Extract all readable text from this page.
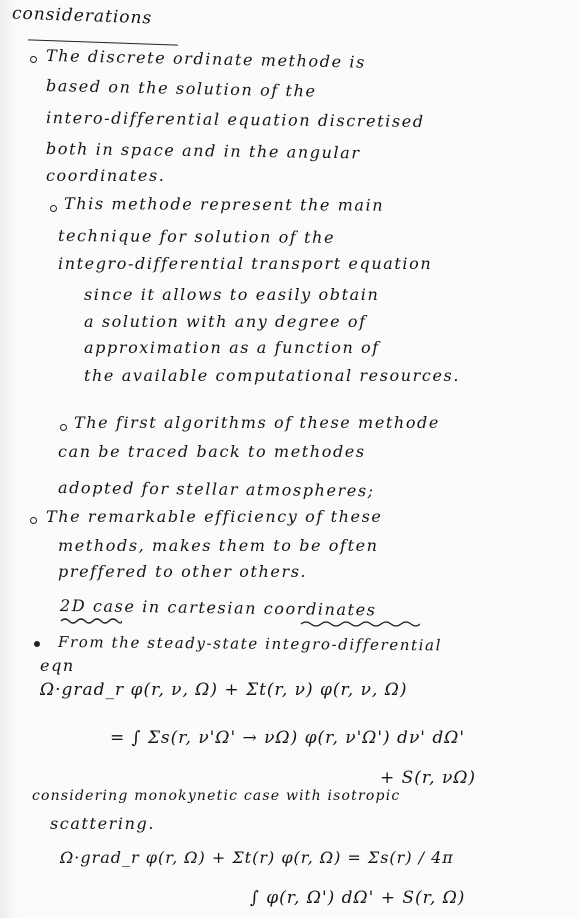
considerations
The discrete ordinate methode is
based on the solution of the
intero-differential equation discretised
both in space and in the angular
coordinates.
This methode represent the main
technique for solution of the
integro-differential transport equation
since it allows to easily obtain
a solution with any degree of
approximation as a function of
the available computational resources.
The first algorithms of these methode
can be traced back to methodes
adopted for stellar atmospheres;
The remarkable efficiency of these
methods, makes them to be often
preffered to other others.
2D case in cartesian coordinates
From the steady-state integro-differential
eqn
Ω·grad_r φ(r, ν, Ω) + Σt(r, ν) φ(r, ν, Ω)
= ∫ Σs(r, ν'Ω' → νΩ) φ(r, ν'Ω') dν' dΩ'
+ S(r, νΩ)
considering monokynetic case with isotropic
scattering.
Ω·grad_r φ(r, Ω) + Σt(r) φ(r, Ω) = Σs(r) / 4π
∫ φ(r, Ω') dΩ' + S(r, Ω)
